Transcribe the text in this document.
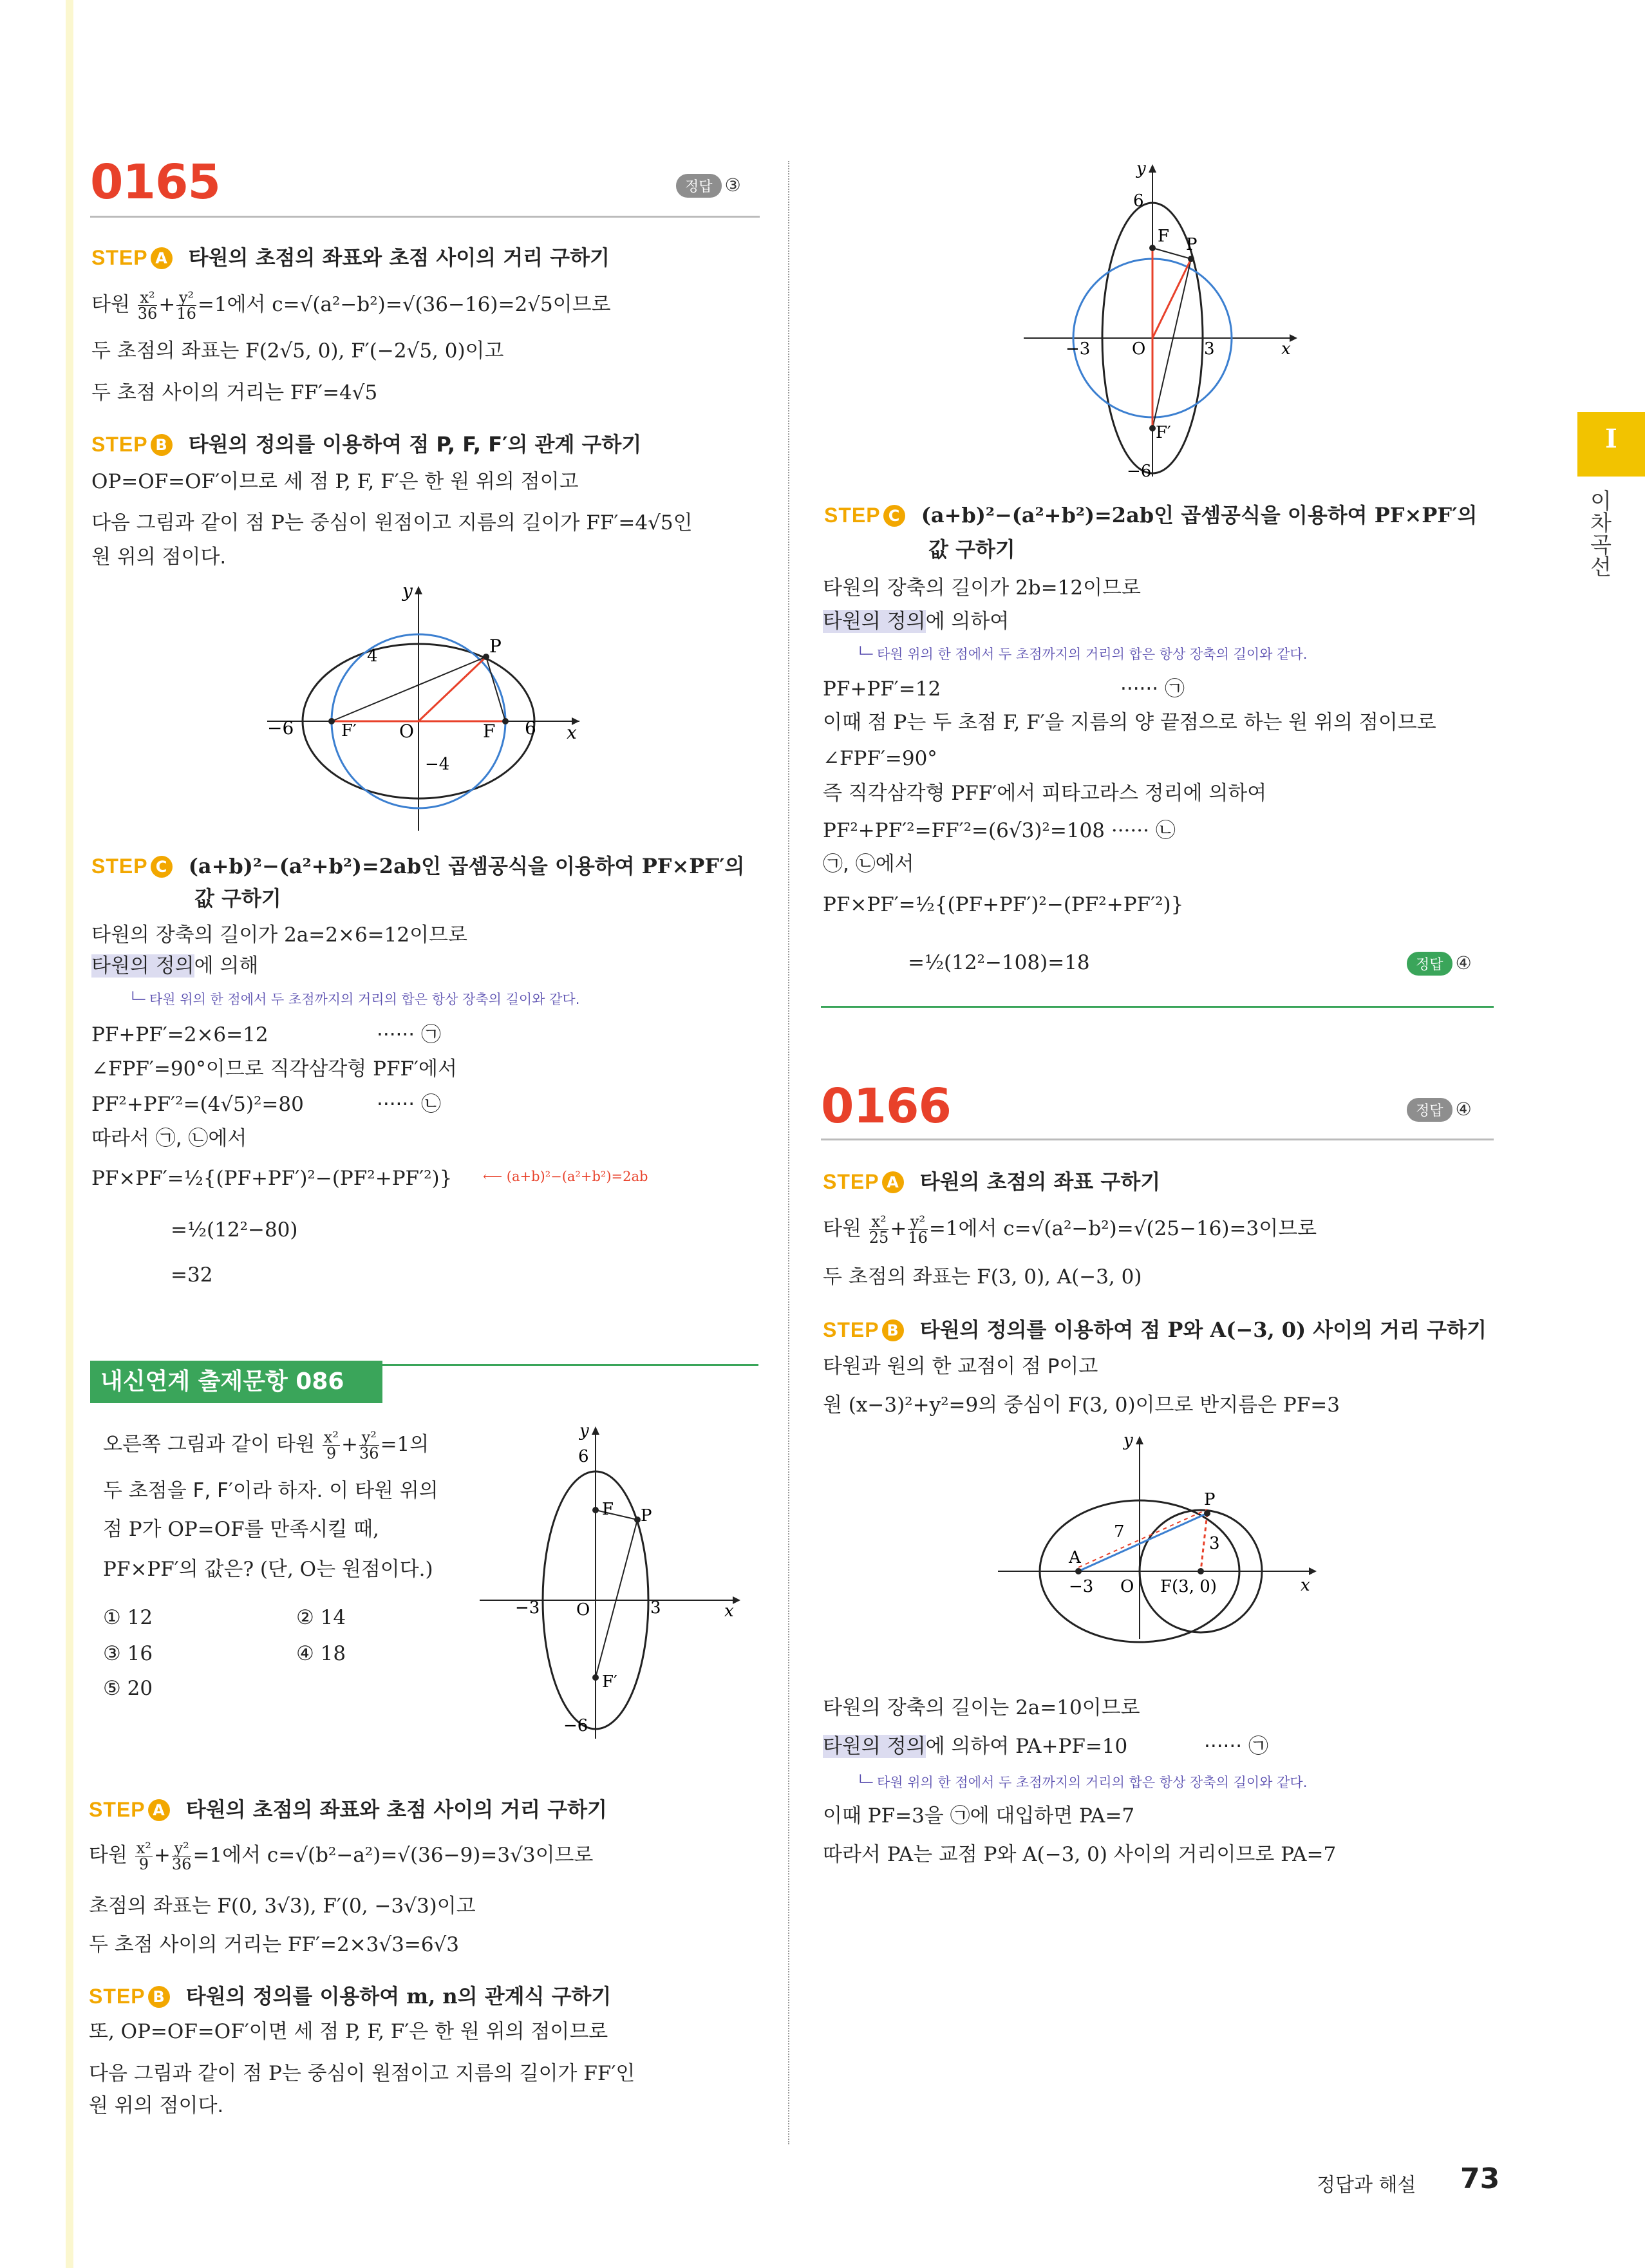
I
이차곡선
0165	정답 ③
STEP A 타원의 초점의 좌표와 초점 사이의 거리 구하기
타원 $\frac{\text{x²}}{36} + \frac{\text{y²}}{16} =1$에서 c=√(a²−b²)=√(36−16)=2√5이므로
두 초점의 좌표는 F(2√5, 0), F′(−2√5, 0)이고
두 초점 사이의 거리는 FF′=4√5
STEP B 타원의 정의를 이용하여 점 P, F, F′의 관계 구하기
OP=OF=OF′이므로 세 점 P, F, F′은 한 원 위의 점이고
다음 그림과 같이 점 P는 중심이 원점이고 지름의 길이가 FF′=4√5인
원 위의 점이다.
P
4
−4
−6	6
F′ O	F	x
y
STEP C (a+b)²−(a²+b²)=2ab인 곱셈공식을 이용하여 PF×PF′의
값 구하기
타원의 장축의 길이가 2a=2×6=12이므로
타원의 정의에 의해
└─ 타원 위의 한 점에서 두 초점까지의 거리의 합은 항상 장축의 길이와 같다.
PF+PF′=2×6=12	······ ㉠
∠FPF′=90°이므로 직각삼각형 PFF′에서
PF²+PF′²=(4√5)²=80	······ ㉡
따라서 ㉠, ㉡에서
PF×PF′=½{(PF+PF′)²−(PF²+PF′²)} ⟵ (a+b)²−(a²+b²)=2ab
=½(12²−80)
=32
내신연계 출제문항 086
오른쪽 그림과 같이 타원 $\frac{\text{x²}}{9} + \frac{\text{y²}}{36} =1$의
두 초점을 F, F′이라 하자. 이 타원 위의
점 P가 OP=OF를 만족시킬 때,
PF×PF′의 값은? (단, O는 원점이다.)
① 12	② 14
③ 16	④ 18
⑤ 20
F P
F′
6
−6
−3	3
O	x
y
STEP A 타원의 초점의 좌표와 초점 사이의 거리 구하기
타원 $\frac{\text{x²}}{9} + \frac{\text{y²}}{36} =1$에서 c=√(b²−a²)=√(36−9)=3√3이므로
초점의 좌표는 F(0, 3√3), F′(0, −3√3)이고
두 초점 사이의 거리는 FF′=2×3√3=6√3
STEP B 타원의 정의를 이용하여 m, n의 관계식 구하기
또, OP=OF=OF′이면 세 점 P, F, F′은 한 원 위의 점이므로
다음 그림과 같이 점 P는 중심이 원점이고 지름의 길이가 FF′인
원 위의 점이다.
F P
F′
6
−6
−3	3
O	x
y
STEP C (a+b)²−(a²+b²)=2ab인 곱셈공식을 이용하여 PF×PF′의
값 구하기
타원의 장축의 길이가 2b=12이므로
타원의 정의에 의하여
└─ 타원 위의 한 점에서 두 초점까지의 거리의 합은 항상 장축의 길이와 같다.
PF+PF′=12	······ ㉠
이때 점 P는 두 초점 F, F′을 지름의 양 끝점으로 하는 원 위의 점이므로
∠FPF′=90°
즉 직각삼각형 PFF′에서 피타고라스 정리에 의하여
PF²+PF′²=FF′²=(6√3)²=108 ······ ㉡
㉠, ㉡에서
PF×PF′=½{(PF+PF′)²−(PF²+PF′²)}
=½(12²−108)=18	정답 ④
0166	정답 ④
STEP A 타원의 초점의 좌표 구하기
타원 $\frac{\text{x²}}{25} + \frac{\text{y²}}{16} =1$에서 c=√(a²−b²)=√(25−16)=3이므로
두 초점의 좌표는 F(3, 0), A(−3, 0)
STEP B 타원의 정의를 이용하여 점 P와 A(−3, 0) 사이의 거리 구하기
타원과 원의 한 교점이 점 P이고
원 (x−3)²+y²=9의 중심이 F(3, 0)이므로 반지름은 PF=3
A
−3 O F(3, 0)
P
7
3
x
y
타원의 장축의 길이는 2a=10이므로
타원의 정의에 의하여 PA+PF=10	······ ㉠
└─ 타원 위의 한 점에서 두 초점까지의 거리의 합은 항상 장축의 길이와 같다.
이때 PF=3을 ㉠에 대입하면 PA=7
따라서 PA는 교점 P와 A(−3, 0) 사이의 거리이므로 PA=7
정답과 해설 73
